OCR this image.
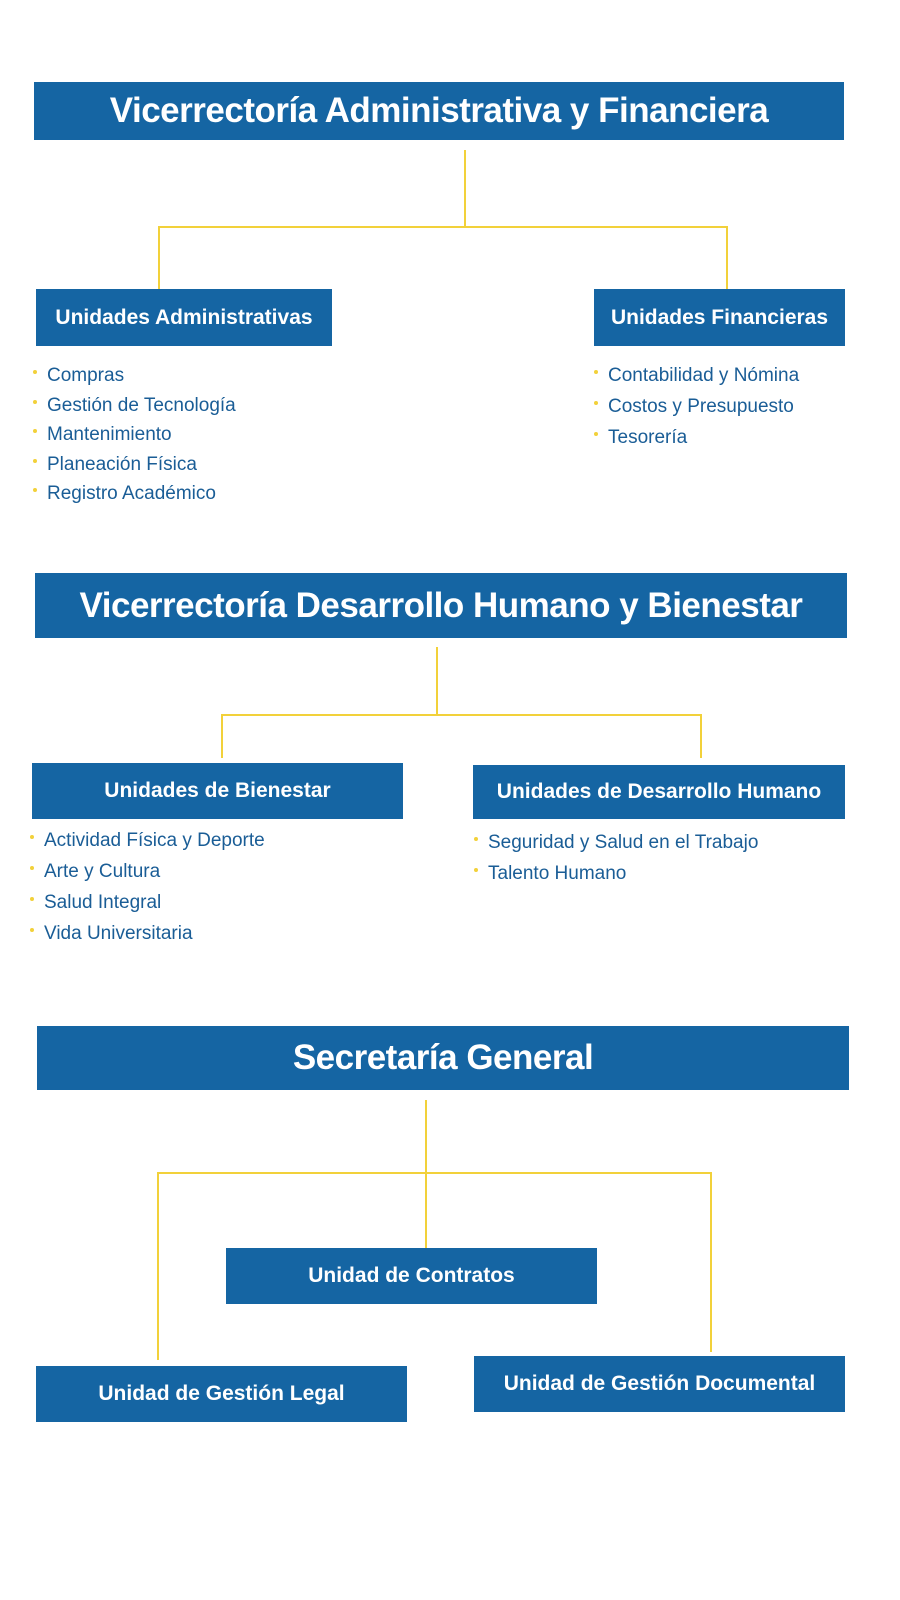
Vicerrectoría Administrativa y Financiera
Unidades Administrativas	Unidades Financieras
Compras
Gestión de Tecnología
Mantenimiento
Planeación Física
Registro Académico
Contabilidad y Nómina
Costos y Presupuesto
Tesorería
Vicerrectoría Desarrollo Humano y Bienestar
Unidades de Bienestar	Unidades de Desarrollo Humano
Actividad Física y Deporte
Arte y Cultura
Salud Integral
Vida Universitaria
Seguridad y Salud en el Trabajo
Talento Humano
Secretaría General
Unidad de Contratos
Unidad de Gestión Legal	Unidad de Gestión Documental
